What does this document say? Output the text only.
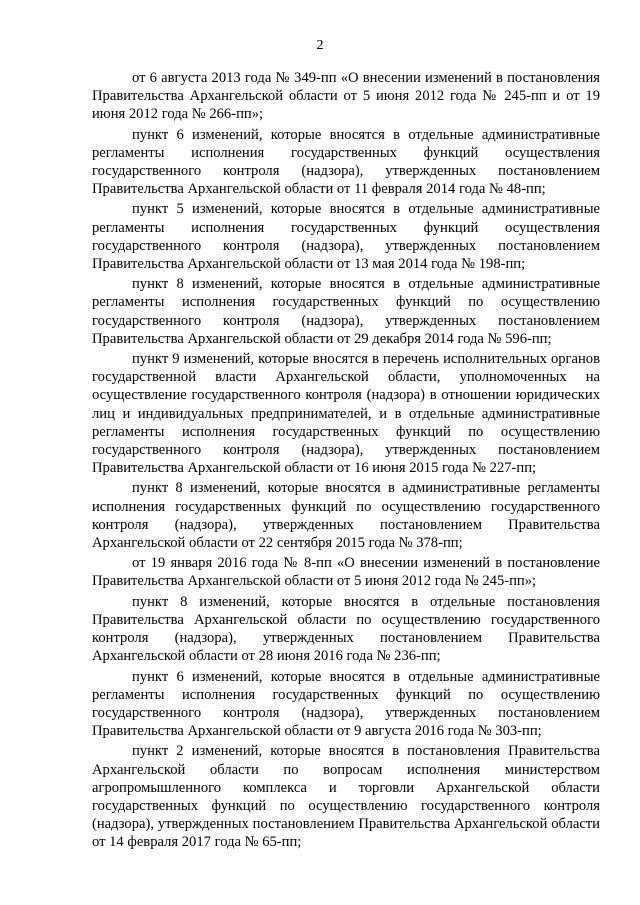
2

от 6 августа 2013 года № 349-пп «О внесении изменений в постановления Правительства Архангельской области от 5 июня 2012 года № 245-пп и от 19 июня 2012 года № 266-пп»;

пункт 6 изменений, которые вносятся в отдельные административные регламенты исполнения государственных функций осуществления государственного контроля (надзора), утвержденных постановлением Правительства Архангельской области от 11 февраля 2014 года № 48-пп;

пункт 5 изменений, которые вносятся в отдельные административные регламенты исполнения государственных функций осуществления государственного контроля (надзора), утвержденных постановлением Правительства Архангельской области от 13 мая 2014 года № 198-пп;

пункт 8 изменений, которые вносятся в отдельные административные регламенты исполнения государственных функций по осуществлению государственного контроля (надзора), утвержденных постановлением Правительства Архангельской области от 29 декабря 2014 года № 596-пп;

пункт 9 изменений, которые вносятся в перечень исполнительных органов государственной власти Архангельской области, уполномоченных на осуществление государственного контроля (надзора) в отношении юридических лиц и индивидуальных предпринимателей, и в отдельные административные регламенты исполнения государственных функций по осуществлению государственного контроля (надзора), утвержденных постановлением Правительства Архангельской области от 16 июня 2015 года № 227-пп;

пункт 8 изменений, которые вносятся в административные регламенты исполнения государственных функций по осуществлению государственного контроля (надзора), утвержденных постановлением Правительства Архангельской области от 22 сентября 2015 года № 378-пп;

от 19 января 2016 года № 8-пп «О внесении изменений в постановление Правительства Архангельской области от 5 июня 2012 года № 245-пп»;

пункт 8 изменений, которые вносятся в отдельные постановления Правительства Архангельской области по осуществлению государственного контроля (надзора), утвержденных постановлением Правительства Архангельской области от 28 июня 2016 года № 236-пп;

пункт 6 изменений, которые вносятся в отдельные административные регламенты исполнения государственных функций по осуществлению государственного контроля (надзора), утвержденных постановлением Правительства Архангельской области от 9 августа 2016 года № 303-пп;

пункт 2 изменений, которые вносятся в постановления Правительства Архангельской области по вопросам исполнения министерством агропромышленного комплекса и торговли Архангельской области государственных функций по осуществлению государственного контроля (надзора), утвержденных постановлением Правительства Архангельской области от 14 февраля 2017 года № 65-пп;
